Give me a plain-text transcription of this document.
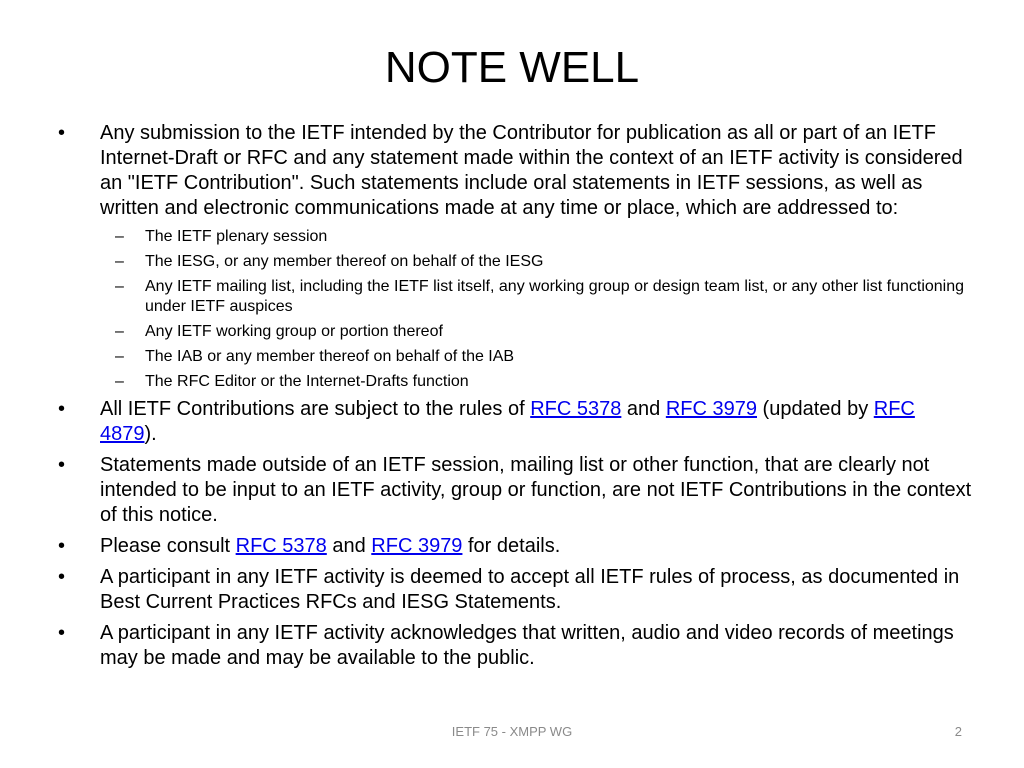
NOTE WELL
•	Any submission to the IETF intended by the Contributor for publication as all or part of an IETF Internet-Draft or RFC and any statement made within the context of an IETF activity is considered an "IETF Contribution". Such statements include oral statements in IETF sessions, as well as written and electronic communications made at any time or place, which are addressed to:
– The IETF plenary session
– The IESG, or any member thereof on behalf of the IESG
– Any IETF mailing list, including the IETF list itself, any working group or design team list, or any other list functioning under IETF auspices
– Any IETF working group or portion thereof
– The IAB or any member thereof on behalf of the IAB
– The RFC Editor or the Internet-Drafts function
•	All IETF Contributions are subject to the rules of RFC 5378 and RFC 3979 (updated by RFC 4879).
•	Statements made outside of an IETF session, mailing list or other function, that are clearly not intended to be input to an IETF activity, group or function, are not IETF Contributions in the context of this notice.
•	Please consult RFC 5378 and RFC 3979 for details.
•	A participant in any IETF activity is deemed to accept all IETF rules of process, as documented in Best Current Practices RFCs and IESG Statements.
•	A participant in any IETF activity acknowledges that written, audio and video records of meetings may be made and may be available to the public.
IETF 75 - XMPP WG	2
